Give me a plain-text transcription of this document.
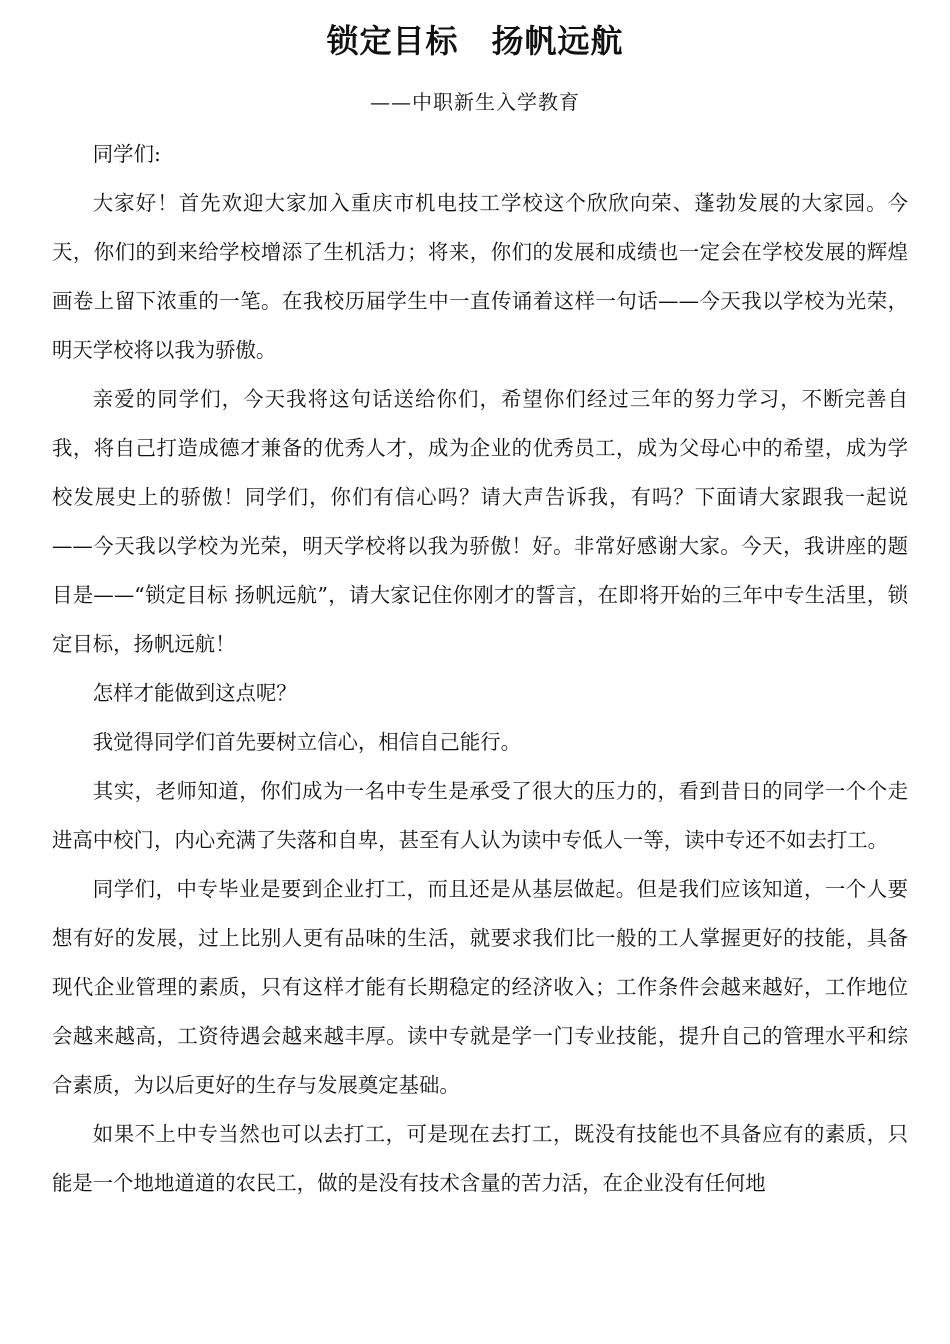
锁定目标　扬帆远航
——中职新生入学教育

同学们:

大家好！首先欢迎大家加入重庆市机电技工学校这个欣欣向荣、蓬勃发展的大家园。今天，你们的到来给学校增添了生机活力；将来，你们的发展和成绩也一定会在学校发展的辉煌画卷上留下浓重的一笔。在我校历届学生中一直传诵着这样一句话——今天我以学校为光荣，明天学校将以我为骄傲。

亲爱的同学们，今天我将这句话送给你们，希望你们经过三年的努力学习，不断完善自我，将自己打造成德才兼备的优秀人才，成为企业的优秀员工，成为父母心中的希望，成为学校发展史上的骄傲！同学们，你们有信心吗？请大声告诉我，有吗？下面请大家跟我一起说——今天我以学校为光荣，明天学校将以我为骄傲！好。非常好感谢大家。今天，我讲座的题目是——“锁定目标 扬帆远航”，请大家记住你刚才的誓言，在即将开始的三年中专生活里，锁定目标，扬帆远航！

怎样才能做到这点呢？

我觉得同学们首先要树立信心，相信自己能行。

其实，老师知道，你们成为一名中专生是承受了很大的压力的，看到昔日的同学一个个走进高中校门，内心充满了失落和自卑，甚至有人认为读中专低人一等，读中专还不如去打工。

同学们，中专毕业是要到企业打工，而且还是从基层做起。但是我们应该知道，一个人要想有好的发展，过上比别人更有品味的生活，就要求我们比一般的工人掌握更好的技能，具备现代企业管理的素质，只有这样才能有长期稳定的经济收入；工作条件会越来越好，工作地位会越来越高，工资待遇会越来越丰厚。读中专就是学一门专业技能，提升自己的管理水平和综合素质，为以后更好的生存与发展奠定基础。

如果不上中专当然也可以去打工，可是现在去打工，既没有技能也不具备应有的素质，只能是一个地地道道的农民工，做的是没有技术含量的苦力活，在企业没有任何地
